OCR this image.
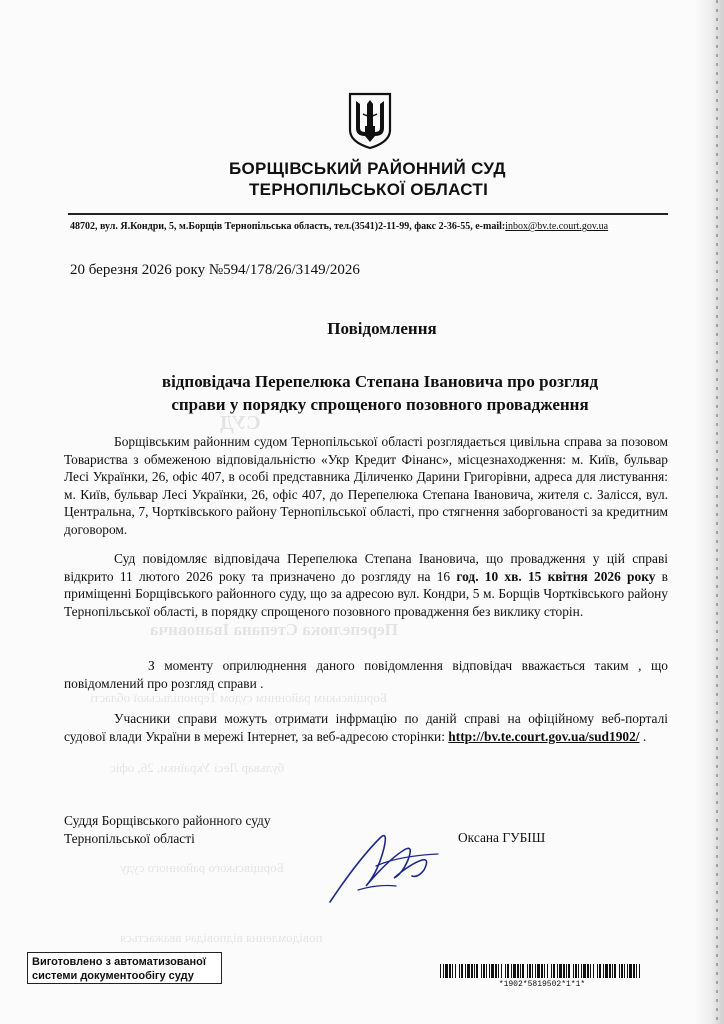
СУД
Перепелюка Степана Івановича
Борщівським районним судом Тернопільської області
бульвар Лесі Українки, 26, офіс
Борщівського районного суду
повідомлення відповідач вважається
БОРЩІВСЬКИЙ РАЙОННИЙ СУД
ТЕРНОПІЛЬСЬКОЇ ОБЛАСТІ
48702, вул. Я.Кондри, 5, м.Борщів Тернопільська область, тел.(3541)2-11-99, факс 2-36-55, e-mail:inbox@bv.te.court.gov.ua
20 березня 2026 року №594/178/26/3149/2026
Повідомлення
відповідача Перепелюка Степана Івановича про розгляд
справи у порядку спрощеного позовного провадження
Борщівським районним судом Тернопільської області розглядається цивільна справа за позовом Товариства з обмеженою відповідальністю «Укр Кредит Фінанс», місцезнаходження: м. Київ, бульвар Лесі Українки, 26, офіс 407, в особі представника Діличенко Дарини Григорівни, адреса для листування: м. Київ, бульвар Лесі Українки, 26, офіс 407, до Перепелюка Степана Івановича, жителя с. Залісся, вул. Центральна, 7, Чортківського району Тернопільської області, про стягнення заборгованості за кредитним договором.
Суд повідомляє відповідача Перепелюка Степана Івановича, що провадження у цій справі відкрито 11 лютого 2026 року та призначено до розгляду на 16 год. 10 хв. 15 квітня 2026 року в приміщенні Борщівського районного суду, що за адресою вул. Кондри, 5 м. Борщів Чортківського району Тернопільської області, в порядку спрощеного позовного провадження без виклику сторін.
З моменту оприлюднення даного повідомлення відповідач вважається таким , що повідомлений про розгляд справи .
Учасники справи можуть отримати інфрмацію по даній справі на офіційному веб-порталі судової влади України в мережі Інтернет, за веб-адресою сторінки: http://bv.te.court.gov.ua/sud1902/ .
Суддя Борщівського районного суду
Тернопільської області	Оксана ГУБІШ
Виготовлено з автоматизованої
системи документообігу суду
*1902*5819502*1*1*
